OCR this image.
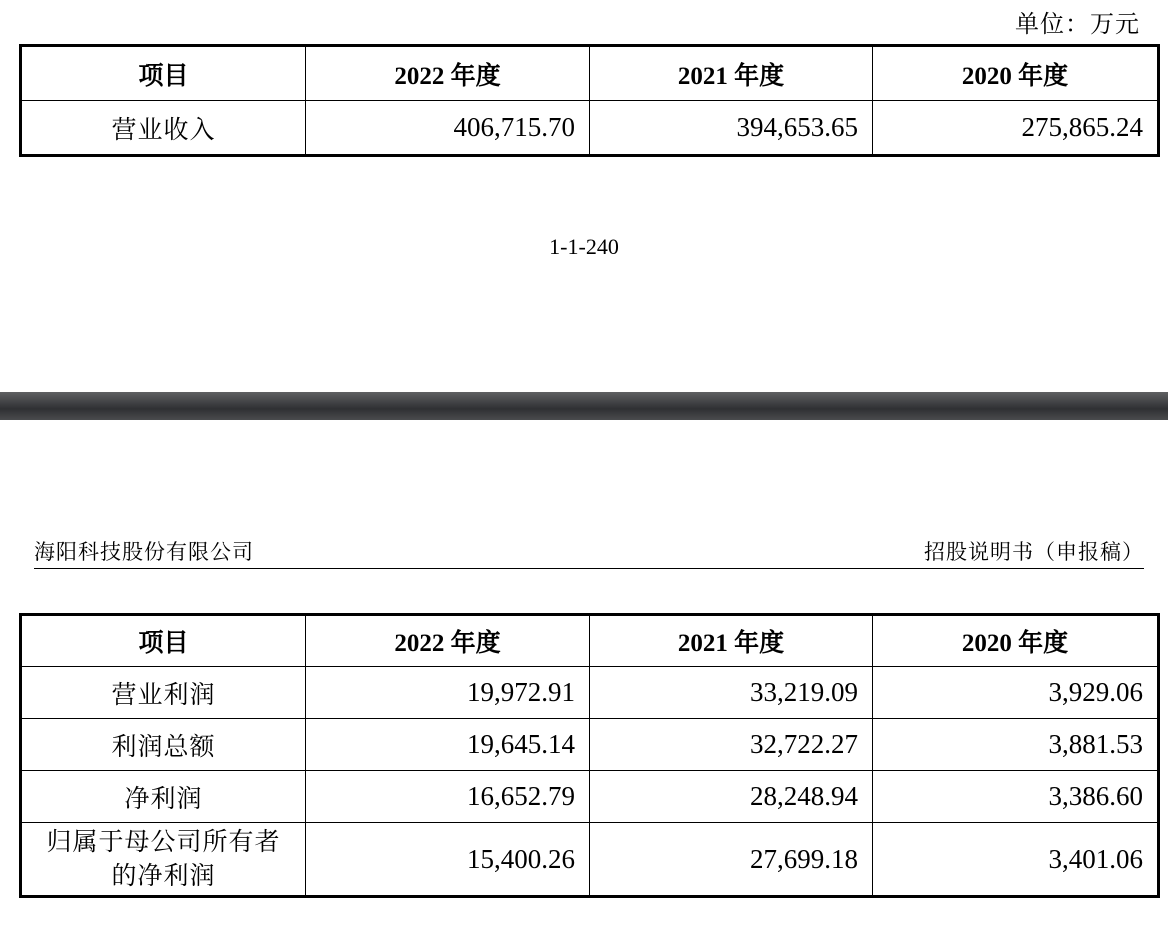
单位：万元
项目	2022 年度	2021 年度	2020 年度
营业收入	406,715.70	394,653.65	275,865.24
1-1-240
海阳科技股份有限公司	招股说明书（申报稿）
项目	2022 年度	2021 年度	2020 年度
营业利润	19,972.91	33,219.09	3,929.06
利润总额	19,645.14	32,722.27	3,881.53
净利润	16,652.79	28,248.94	3,386.60
归属于母公司所有者
的净利润	15,400.26	27,699.18	3,401.06
